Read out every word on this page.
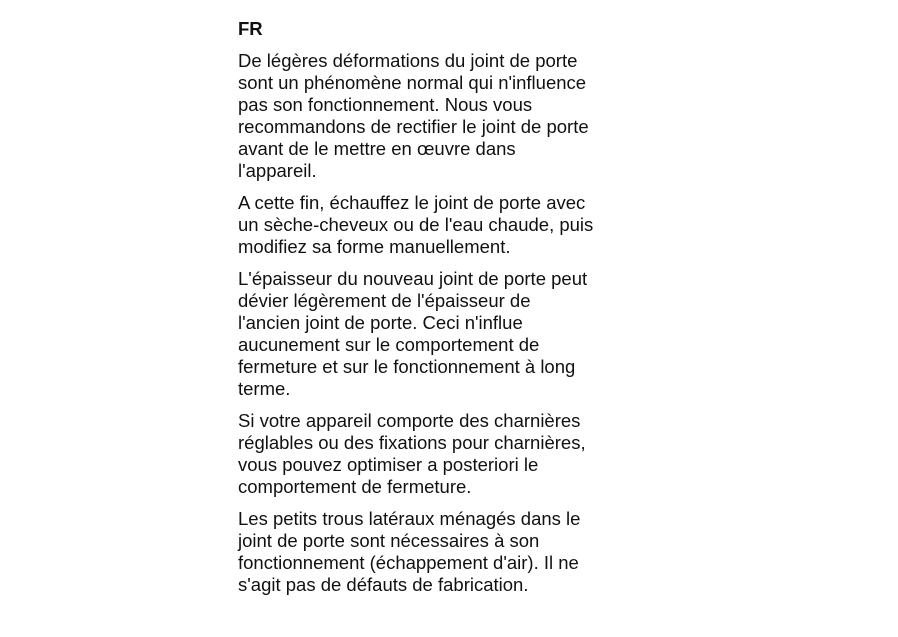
FR

De légères déformations du joint de porte
sont un phénomène normal qui n'influence
pas son fonctionnement. Nous vous
recommandons de rectifier le joint de porte
avant de le mettre en œuvre dans
l'appareil.

A cette fin, échauffez le joint de porte avec
un sèche-cheveux ou de l'eau chaude, puis
modifiez sa forme manuellement.

L'épaisseur du nouveau joint de porte peut
dévier légèrement de l'épaisseur de
l'ancien joint de porte. Ceci n'influe
aucunement sur le comportement de
fermeture et sur le fonctionnement à long
terme.

Si votre appareil comporte des charnières
réglables ou des fixations pour charnières,
vous pouvez optimiser a posteriori le
comportement de fermeture.

Les petits trous latéraux ménagés dans le
joint de porte sont nécessaires à son
fonctionnement (échappement d'air). Il ne
s'agit pas de défauts de fabrication.
